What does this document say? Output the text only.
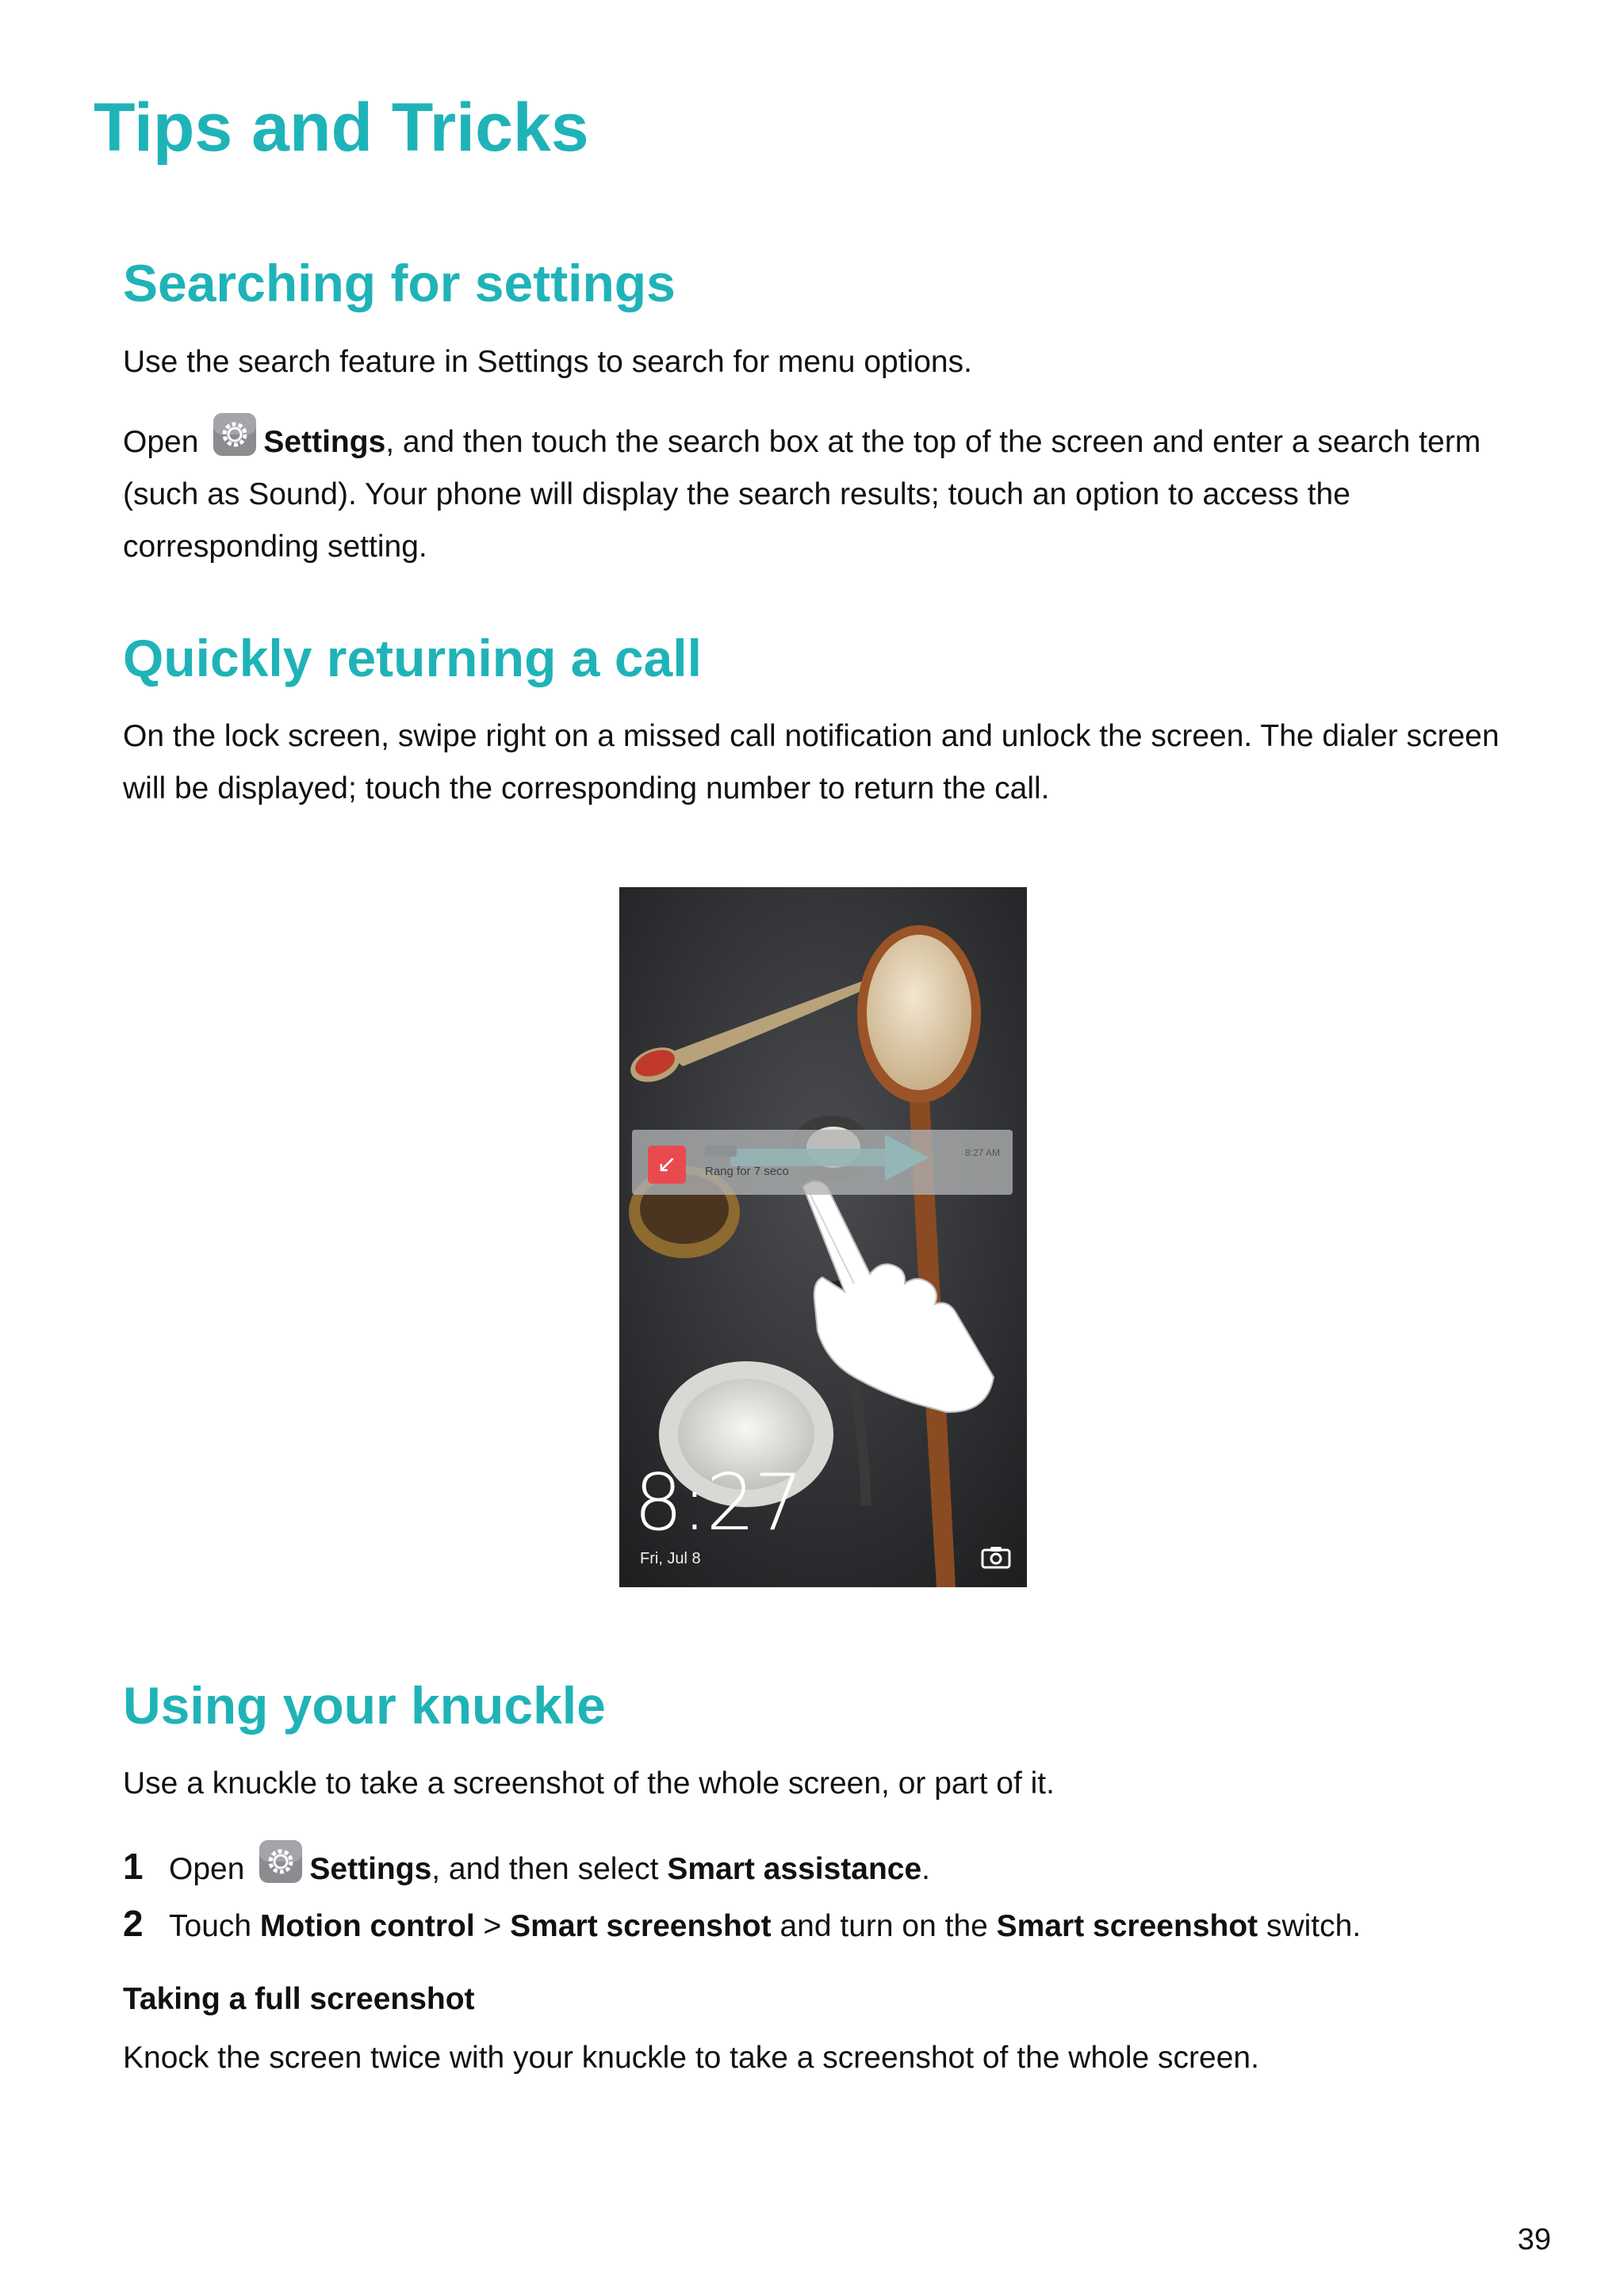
Tips and Tricks
Searching for settings

Use the search feature in Settings to search for menu options.

Open Settings, and then touch the search box at the top of the screen and enter a search term (such as Sound). Your phone will display the search results; touch an option to access the corresponding setting.

Quickly returning a call

On the lock screen, swipe right on a missed call notification and unlock the screen. The dialer screen will be displayed; touch the corresponding number to return the call.

↙	Rang for 7 seco
8:27 AM
8:27
Fri, Jul 8
Using your knuckle

Use a knuckle to take a screenshot of the whole screen, or part of it.

1 Open Settings, and then select Smart assistance.

2 Touch Motion control > Smart screenshot and turn on the Smart screenshot switch.

Taking a full screenshot

Knock the screen twice with your knuckle to take a screenshot of the whole screen.

39
